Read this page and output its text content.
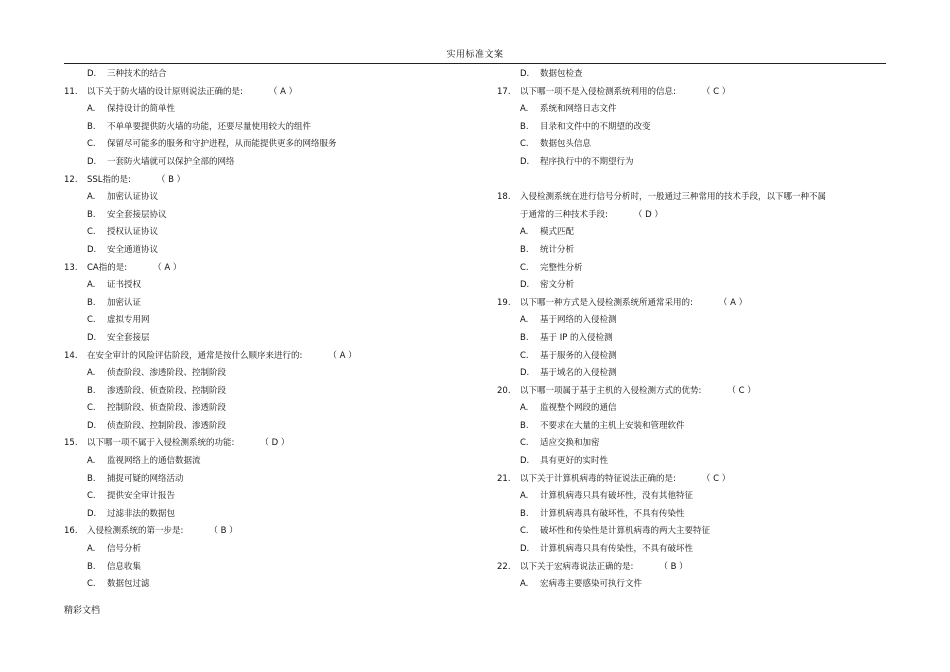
实用标准文案
D. 三种技术的结合
11. 以下关于防火墙的设计原则说法正确的是:	（ A ）
A. 保持设计的简单性
B. 不单单要提供防火墙的功能，还要尽量使用较大的组件
C. 保留尽可能多的服务和守护进程，从而能提供更多的网络服务
D. 一套防火墙就可以保护全部的网络
12. SSL指的是:	（ B ）
A. 加密认证协议
B. 安全套接层协议
C. 授权认证协议
D. 安全通道协议
13. CA指的是:	（ A ）
A. 证书授权
B. 加密认证
C. 虚拟专用网
D. 安全套接层
14. 在安全审计的风险评估阶段，通常是按什么顺序来进行的:	（ A ）
A. 侦查阶段、渗透阶段、控制阶段
B. 渗透阶段、侦查阶段、控制阶段
C. 控制阶段、侦查阶段、渗透阶段
D. 侦查阶段、控制阶段、渗透阶段
15. 以下哪一项不属于入侵检测系统的功能:	（ D ）
A. 监视网络上的通信数据流
B. 捕捉可疑的网络活动
C. 提供安全审计报告
D. 过滤非法的数据包
16. 入侵检测系统的第一步是:	（ B ）
A. 信号分析
B. 信息收集
C. 数据包过滤
D. 数据包检查
17. 以下哪一项不是入侵检测系统利用的信息:	（ C ）
A. 系统和网络日志文件
B. 目录和文件中的不期望的改变
C. 数据包头信息
D. 程序执行中的不期望行为
18. 入侵检测系统在进行信号分析时，一般通过三种常用的技术手段，以下哪一种不属
于通常的三种技术手段:	（ D ）
A. 模式匹配
B. 统计分析
C. 完整性分析
D. 密文分析
19. 以下哪一种方式是入侵检测系统所通常采用的:	（ A ）
A. 基于网络的入侵检测
B. 基于 IP 的入侵检测
C. 基于服务的入侵检测
D. 基于域名的入侵检测
20. 以下哪一项属于基于主机的入侵检测方式的优势:	（ C ）
A. 监视整个网段的通信
B. 不要求在大量的主机上安装和管理软件
C. 适应交换和加密
D. 具有更好的实时性
21. 以下关于计算机病毒的特征说法正确的是:	（ C ）
A. 计算机病毒只具有破坏性，没有其他特征
B. 计算机病毒具有破坏性，不具有传染性
C. 破坏性和传染性是计算机病毒的两大主要特征
D. 计算机病毒只具有传染性，不具有破坏性
22. 以下关于宏病毒说法正确的是:	（ B ）
A. 宏病毒主要感染可执行文件
精彩文档
